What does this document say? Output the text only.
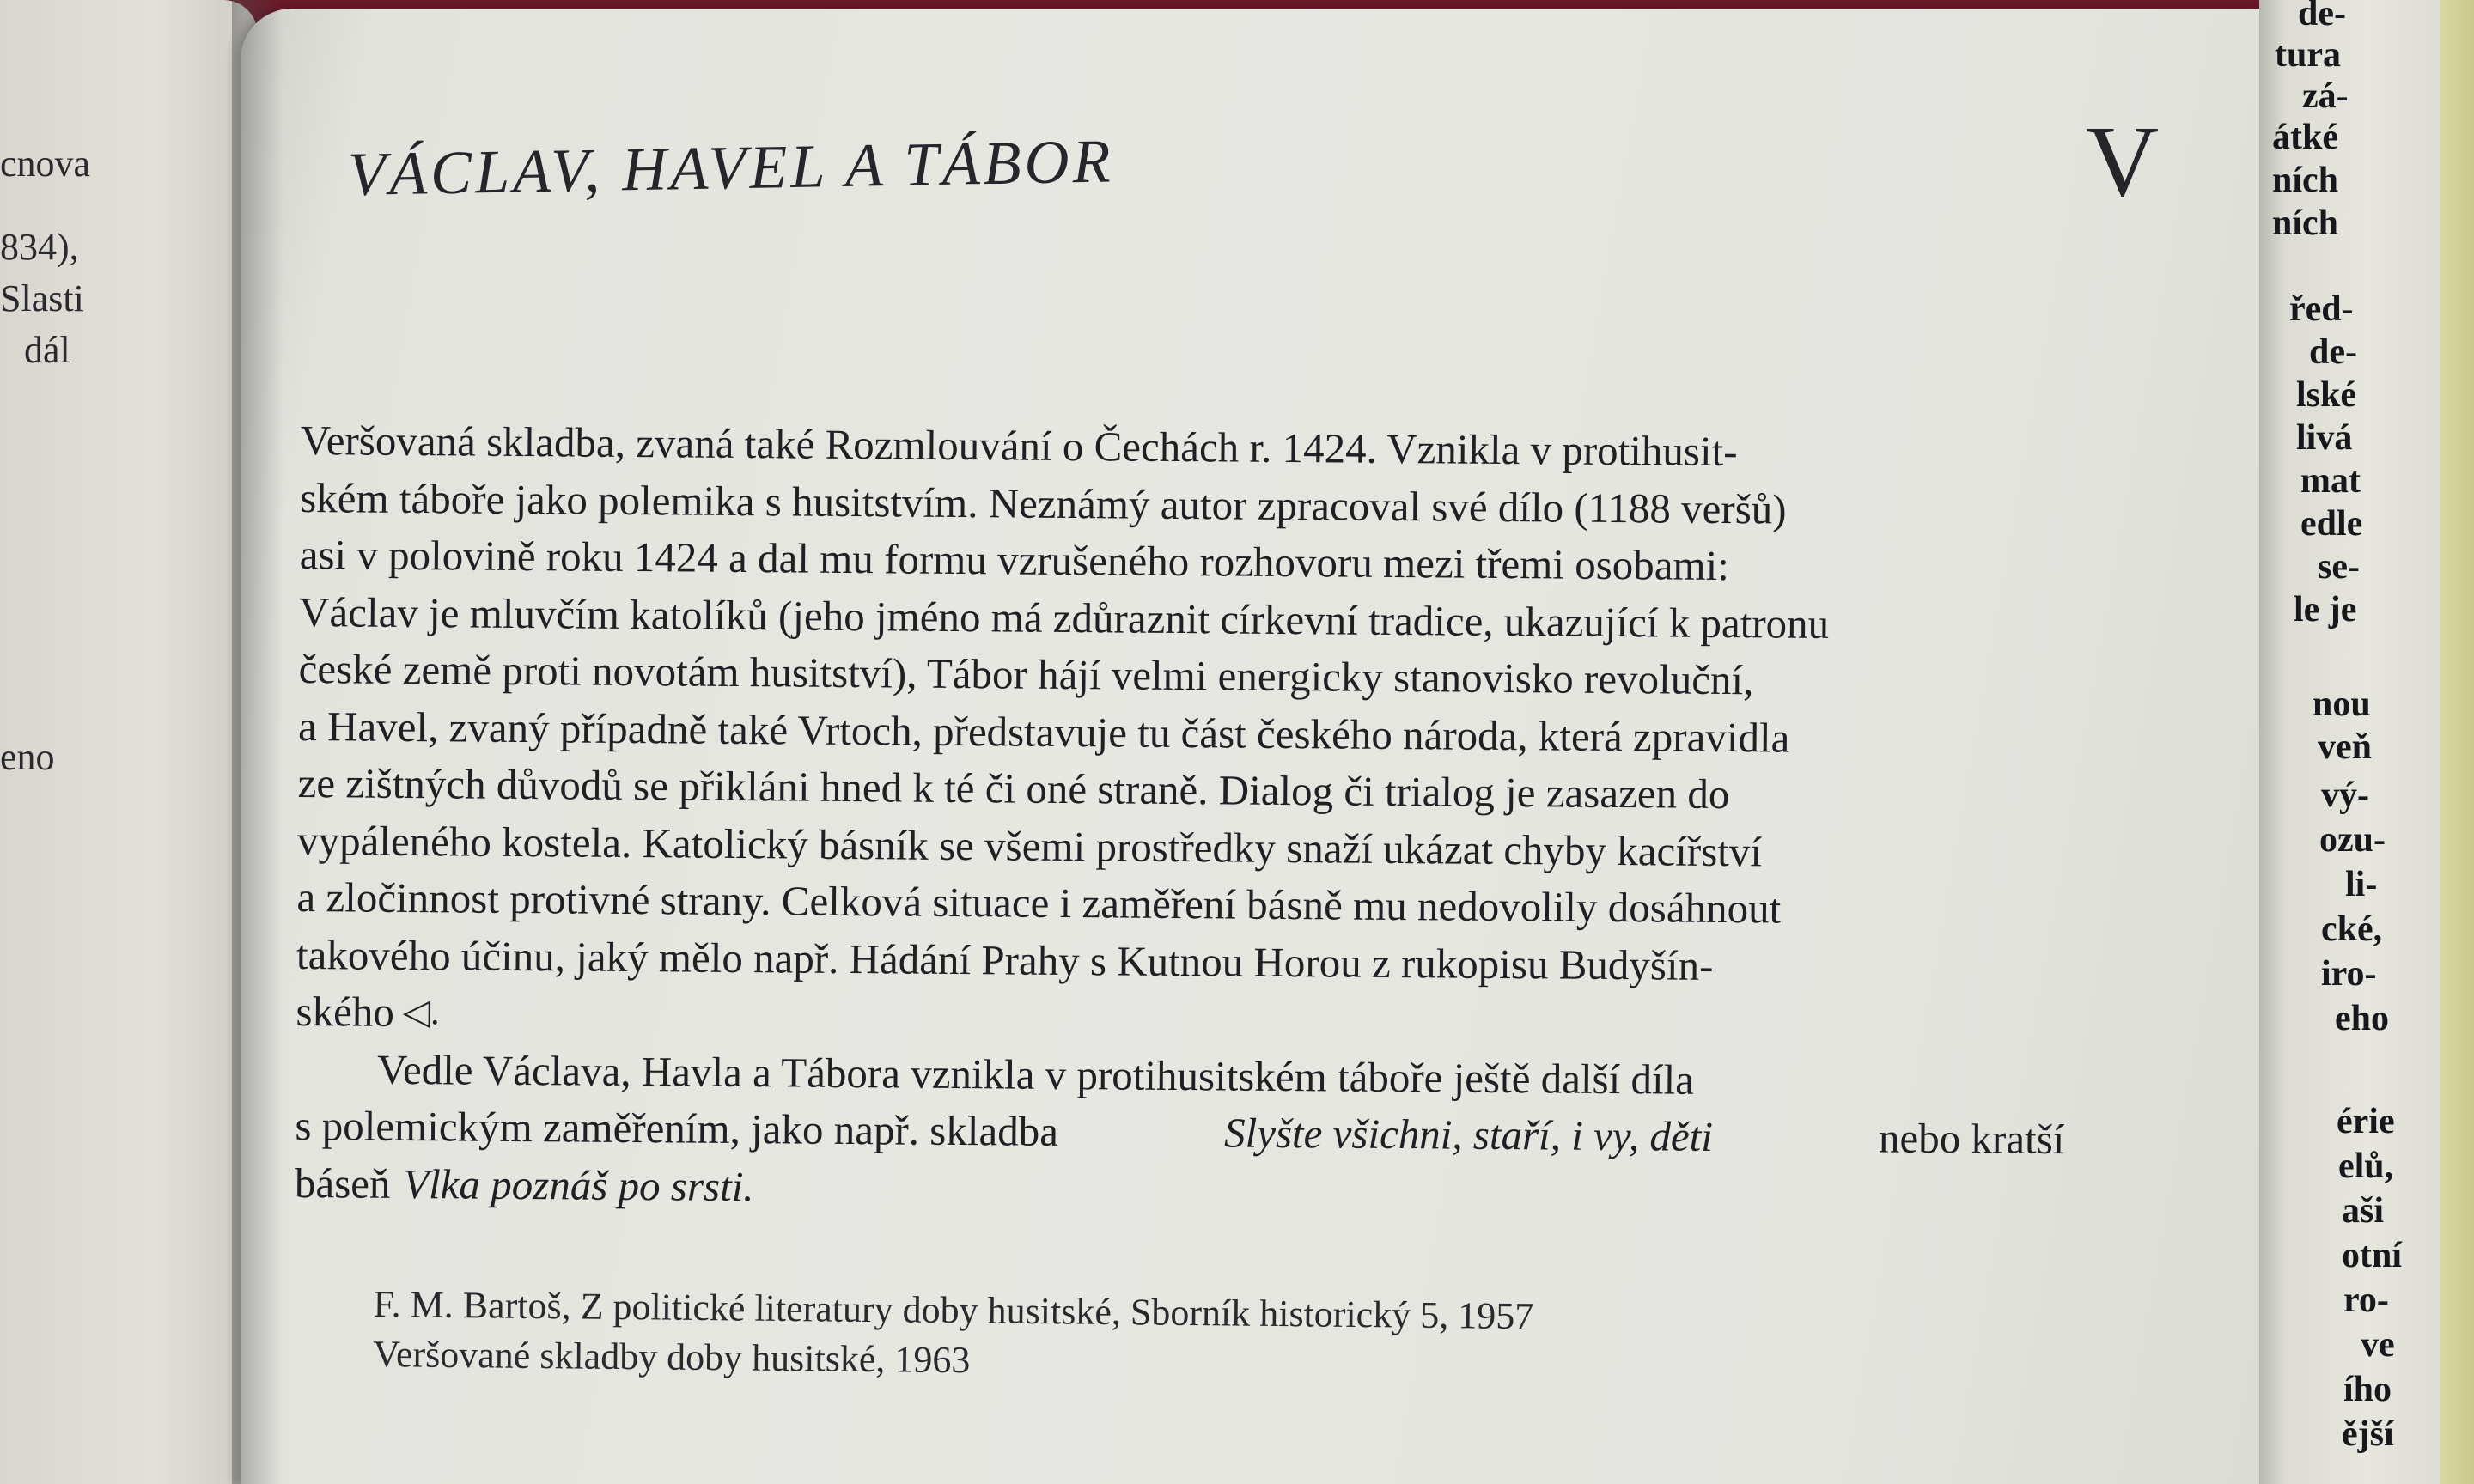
cnova
834),
Slasti
dál
eno
VÁCLAV, HAVEL A TÁBOR	V
Veršovaná skladba, zvaná také Rozmlouvání o Čechách r. 1424. Vznikla v protihusit-
ském táboře jako polemika s husitstvím. Neznámý autor zpracoval své dílo (1188 veršů)
asi v polovině roku 1424 a dal mu formu vzrušeného rozhovoru mezi třemi osobami:
Václav je mluvčím katolíků (jeho jméno má zdůraznit církevní tradice, ukazující k patronu
české země proti novotám husitství), Tábor hájí velmi energicky stanovisko revoluční,
a Havel, zvaný případně také Vrtoch, představuje tu část českého národa, která zpravidla
ze zištných důvodů se přikláni hned k té či oné straně. Dialog či trialog je zasazen do
vypáleného kostela. Katolický básník se všemi prostředky snaží ukázat chyby kacířství
a zločinnost protivné strany. Celková situace i zaměření básně mu nedovolily dosáhnout
takového účinu, jaký mělo např. Hádání Prahy s Kutnou Horou z rukopisu Budyšín-
ského ◁.
Vedle Václava, Havla a Tábora vznikla v protihusitském táboře ještě další díla
s polemickým zaměřením, jako např. skladba	Slyšte všichni, staří, i vy, děti	nebo kratší
báseň Vlka poznáš po srsti.
F. M. Bartoš, Z politické literatury doby husitské, Sborník historický 5, 1957
Veršované skladby doby husitské, 1963
de-
tura
zá-
átké
ních
ních
řed-
de-
lské
livá
mat
edle
se-
le je
nou
veň
vý-
ozu-
li-
cké,
iro-
eho
érie
elů,
aši
otní
ro-
ve
ího
ější
